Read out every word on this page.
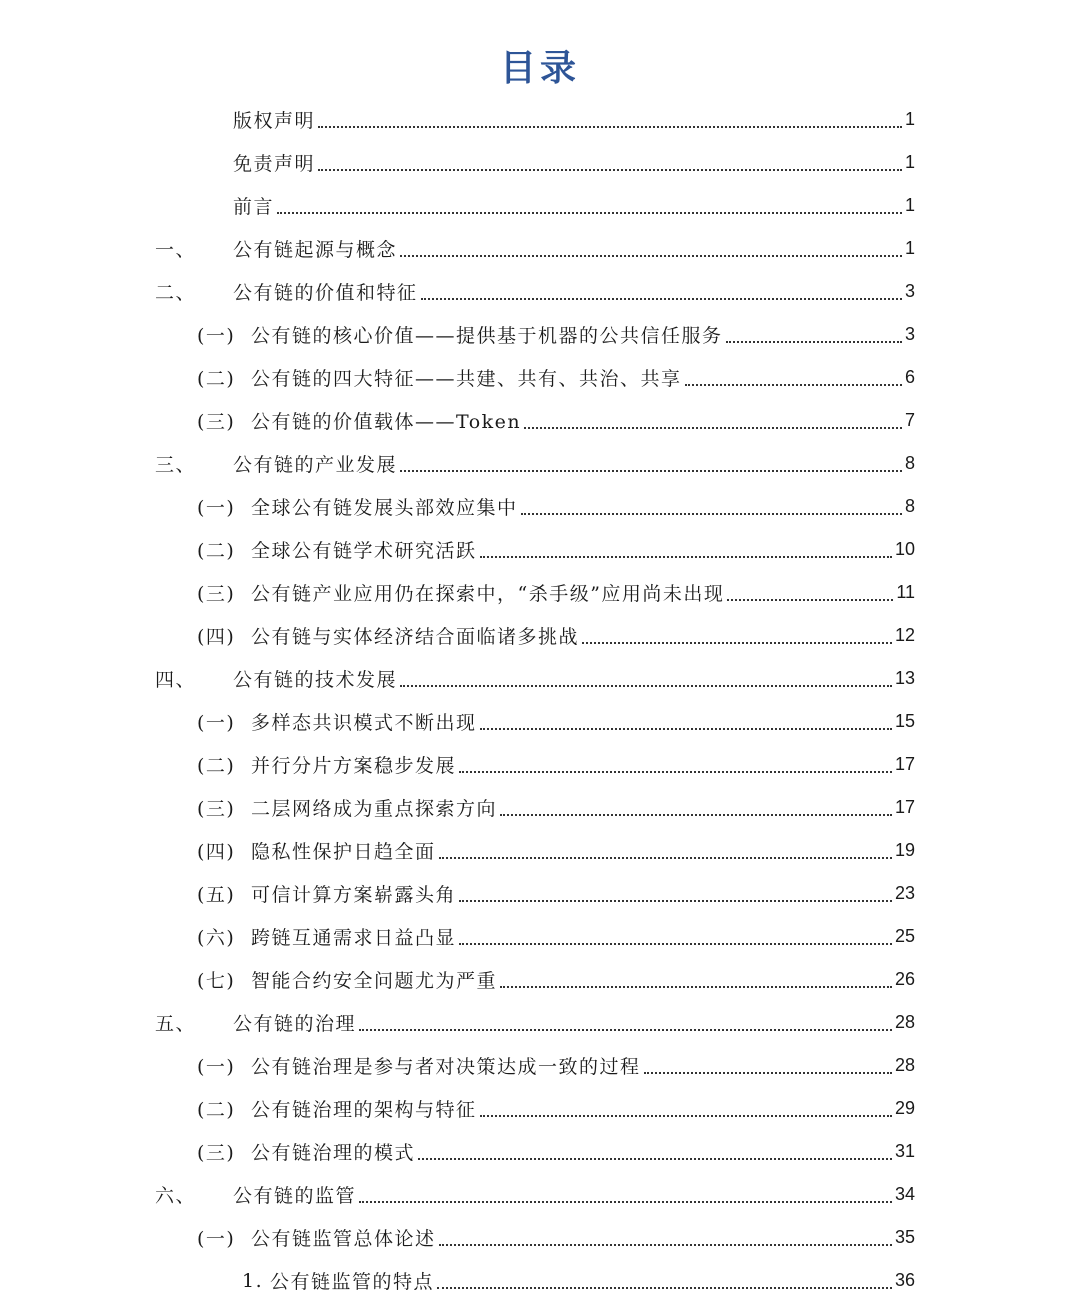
目录
版权声明	1
免责声明	1
前言	1
一、	公有链起源与概念	1
二、	公有链的价值和特征	3
(一) 公有链的核心价值——提供基于机器的公共信任服务	3
(二) 公有链的四大特征——共建、共有、共治、共享	6
(三) 公有链的价值载体——Token	7
三、	公有链的产业发展	8
(一) 全球公有链发展头部效应集中	8
(二) 全球公有链学术研究活跃	10
(三) 公有链产业应用仍在探索中，“杀手级”应用尚未出现	11
(四) 公有链与实体经济结合面临诸多挑战	12
四、	公有链的技术发展	13
(一) 多样态共识模式不断出现	15
(二) 并行分片方案稳步发展	17
(三) 二层网络成为重点探索方向	17
(四) 隐私性保护日趋全面	19
(五) 可信计算方案崭露头角	23
(六) 跨链互通需求日益凸显	25
(七) 智能合约安全问题尤为严重	26
五、	公有链的治理	28
(一) 公有链治理是参与者对决策达成一致的过程	28
(二) 公有链治理的架构与特征	29
(三) 公有链治理的模式	31
六、	公有链的监管	34
(一) 公有链监管总体论述	35
1. 公有链监管的特点	36
